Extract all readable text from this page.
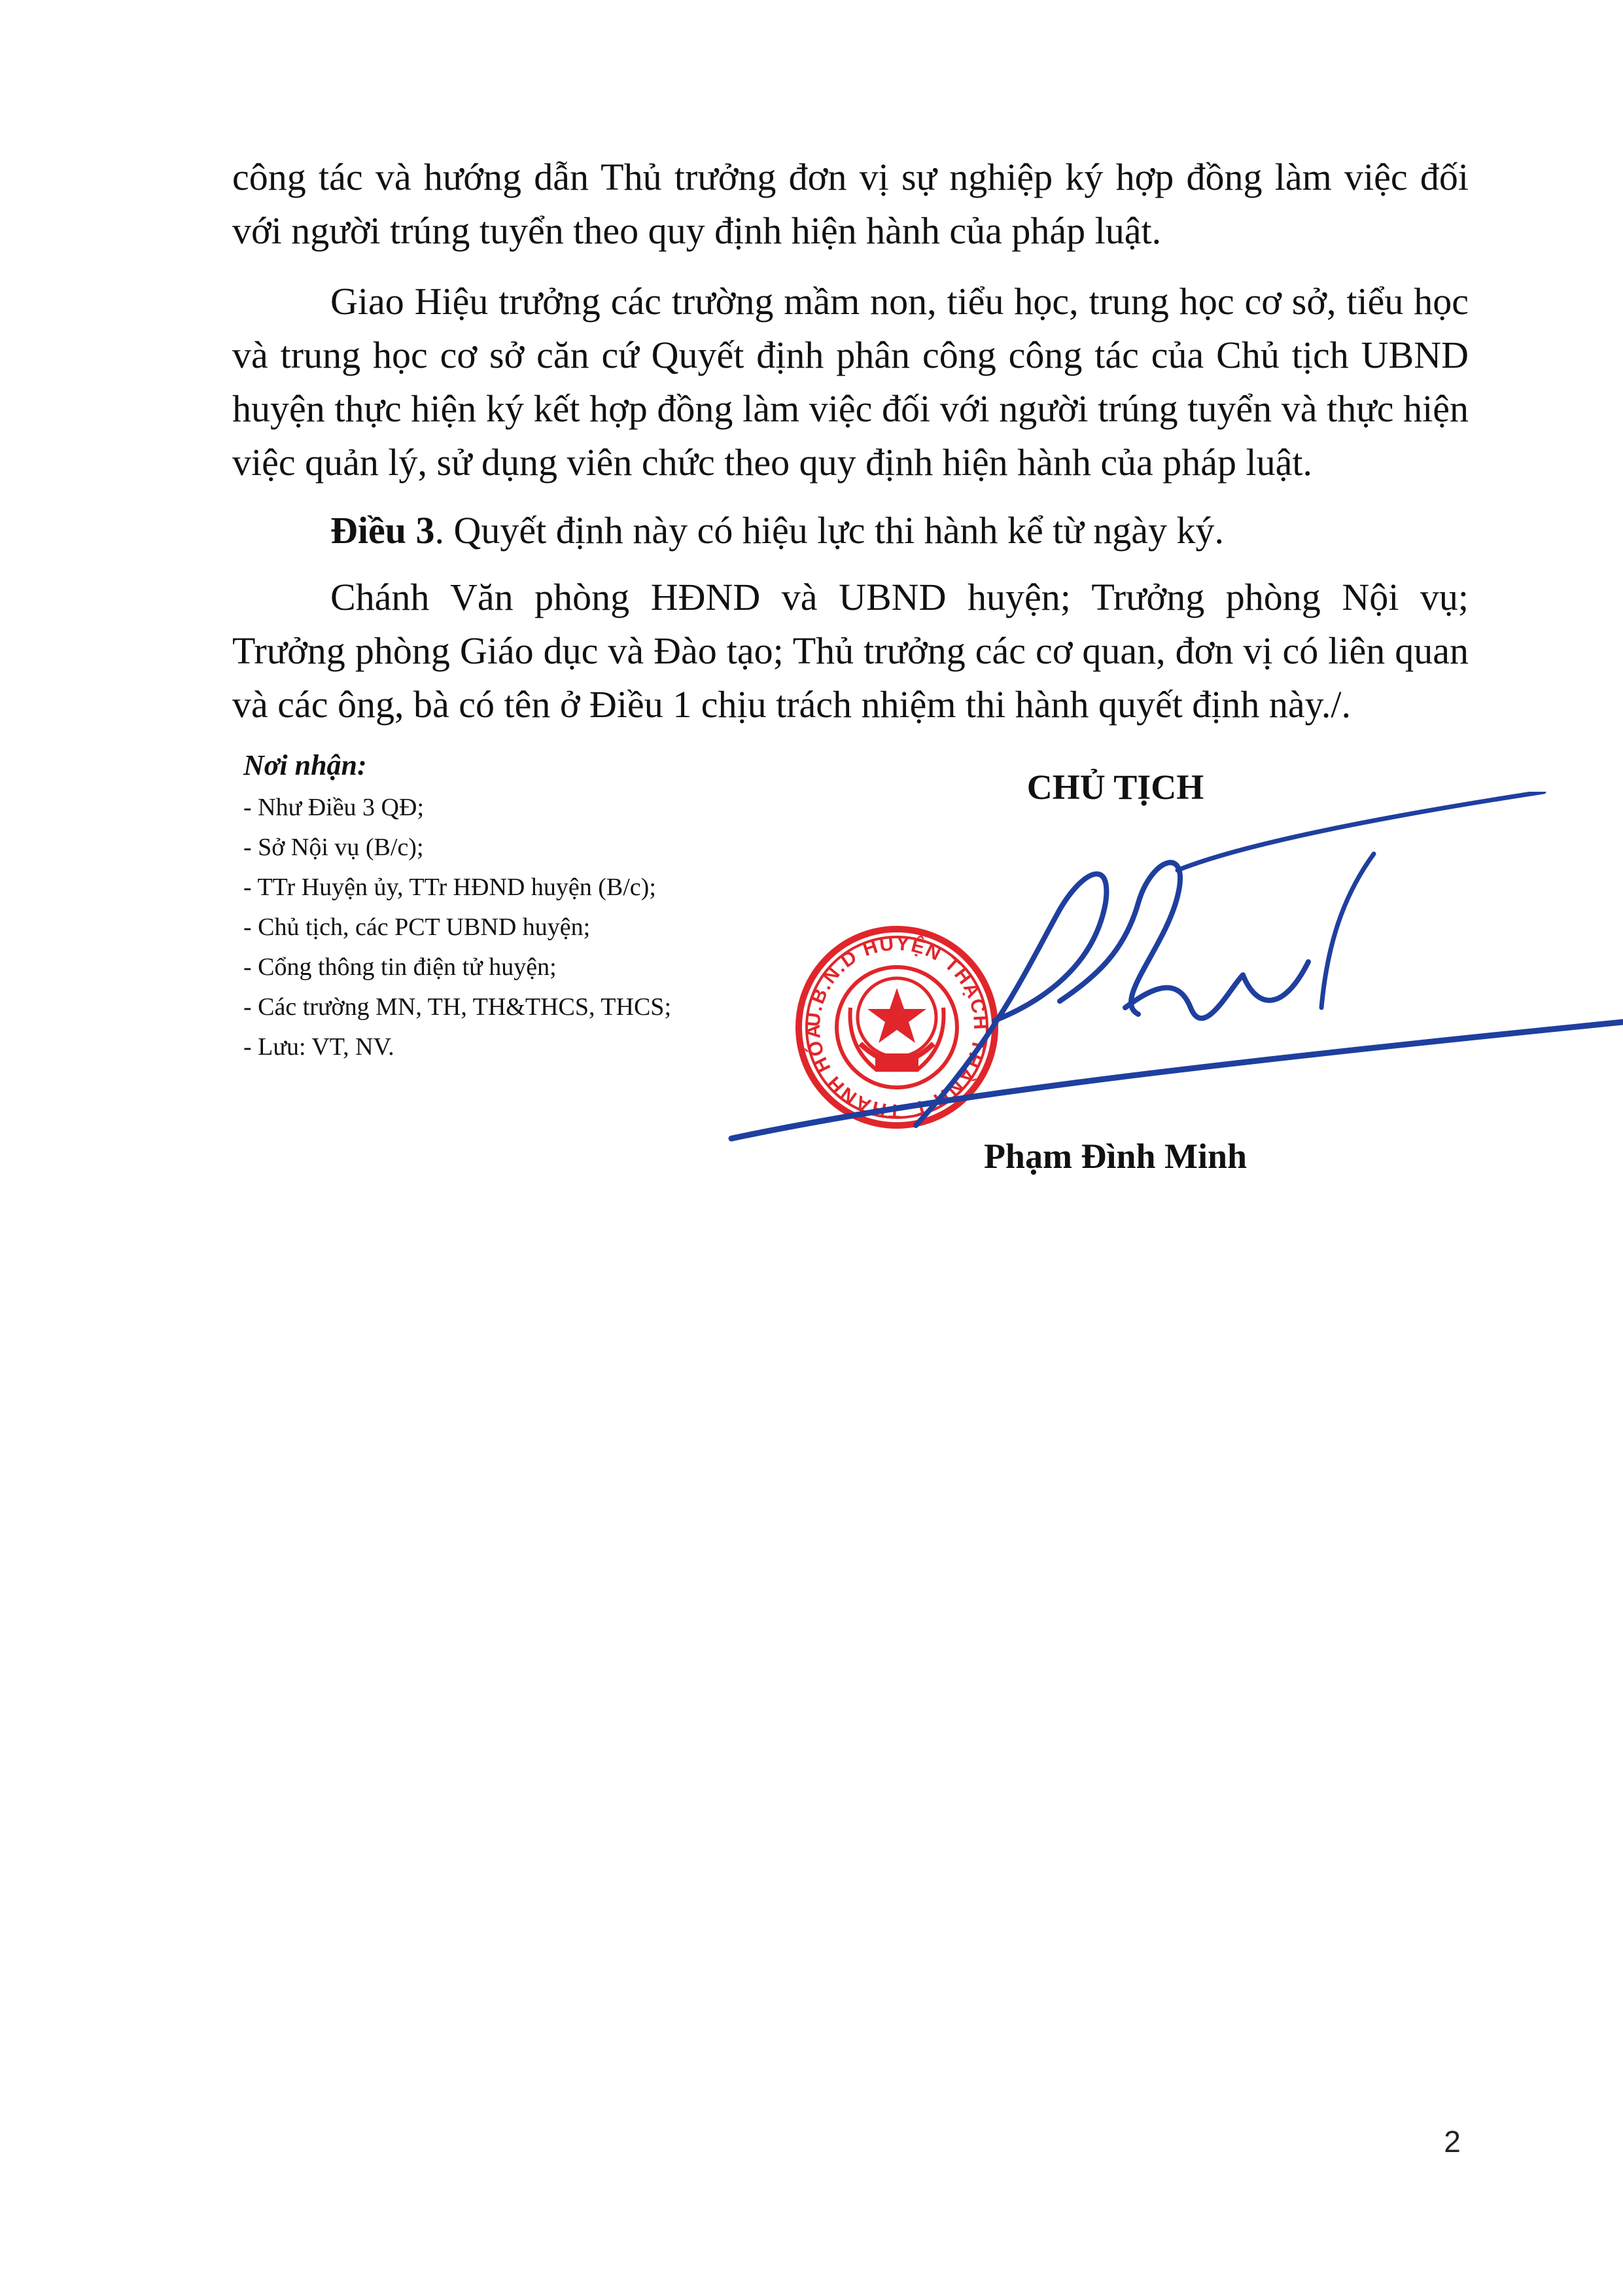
công tác và hướng dẫn Thủ trưởng đơn vị sự nghiệp ký hợp đồng làm việc đối với người trúng tuyển theo quy định hiện hành của pháp luật.

Giao Hiệu trưởng các trường mầm non, tiểu học, trung học cơ sở, tiểu học và trung học cơ sở căn cứ Quyết định phân công công tác của Chủ tịch UBND huyện thực hiện ký kết hợp đồng làm việc đối với người trúng tuyển và thực hiện việc quản lý, sử dụng viên chức theo quy định hiện hành của pháp luật.

Điều 3. Quyết định này có hiệu lực thi hành kể từ ngày ký.

Chánh Văn phòng HĐND và UBND huyện; Trưởng phòng Nội vụ; Trưởng phòng Giáo dục và Đào tạo; Thủ trưởng các cơ quan, đơn vị có liên quan và các ông, bà có tên ở Điều 1 chịu trách nhiệm thi hành quyết định này./.

Nơi nhận:

- Như Điều 3 QĐ;
- Sở Nội vụ (B/c);
- TTr Huyện ủy, TTr HĐND huyện (B/c);
- Chủ tịch, các PCT UBND huyện;
- Cổng thông tin điện tử huyện;
- Các trường MN, TH, TH&THCS, THCS;
- Lưu: VT, NV.
CHỦ TỊCH
U.B.N.D HUYỆN THẠCH THÀNH T. THANH HÓA
Phạm Đình Minh
2
